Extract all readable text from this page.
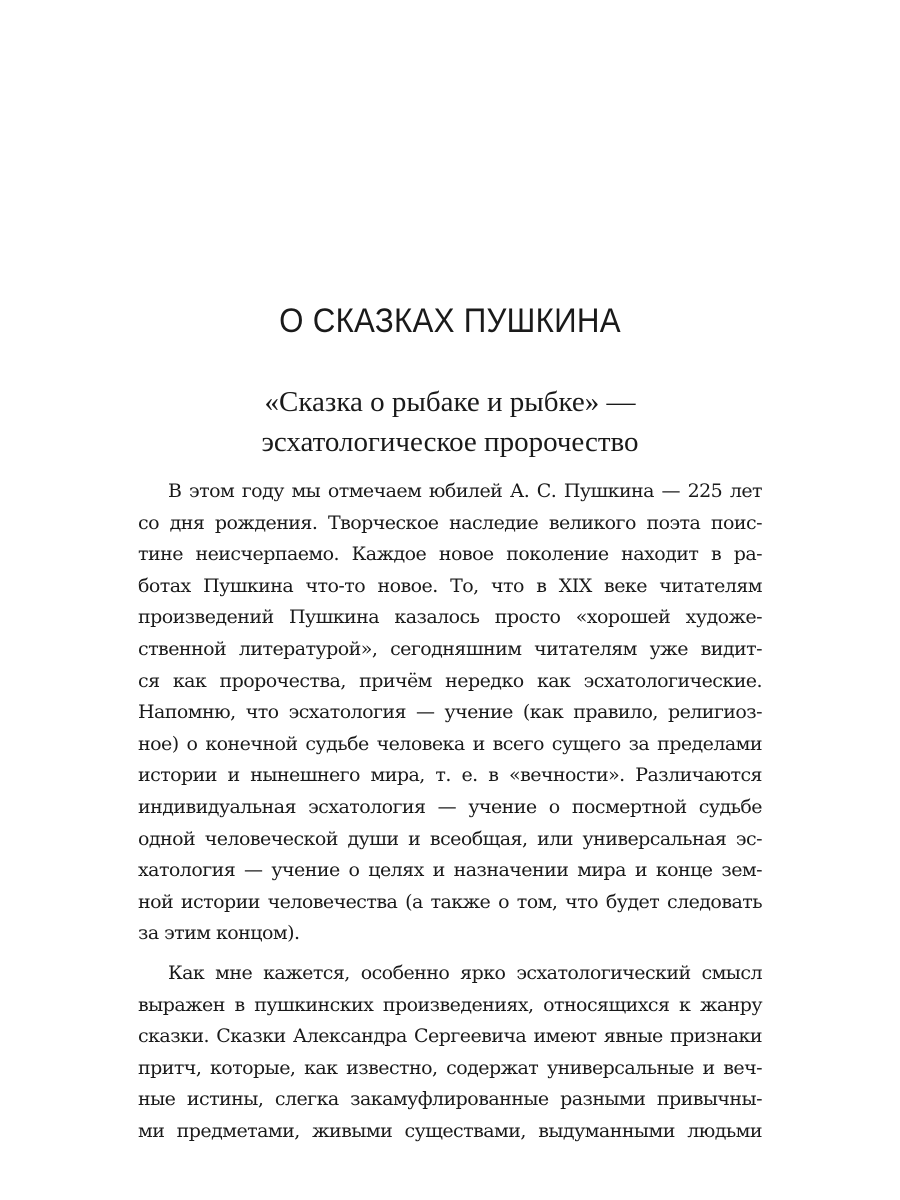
О СКАЗКАХ ПУШКИНА
«Сказка о рыбаке и рыбке» —
эсхатологическое пророчество

В этом году мы отмечаем юбилей А. С. Пушкина — 225 лет
со дня рождения. Творческое наследие великого поэта поис-
тине неисчерпаемо. Каждое новое поколение находит в ра-
ботах Пушкина что-то новое. То, что в XIX веке читателям
произведений Пушкина казалось просто «хорошей художе-
ственной литературой», сегодняшним читателям уже видит-
ся как пророчества, причём нередко как эсхатологические.
Напомню, что эсхатология — учение (как правило, религиоз-
ное) о конечной судьбе человека и всего сущего за пределами
истории и нынешнего мира, т. е. в «вечности». Различаются
индивидуальная эсхатология — учение о посмертной судьбе
одной человеческой души и всеобщая, или универсальная эс-
хатология — учение о целях и назначении мира и конце зем-
ной истории человечества (а также о том, что будет следовать
за этим концом).

Как мне кажется, особенно ярко эсхатологический смысл
выражен в пушкинских произведениях, относящихся к жанру
сказки. Сказки Александра Сергеевича имеют явные признаки
притч, которые, как известно, содержат универсальные и веч-
ные истины, слегка закамуфлированные разными привычны-
ми предметами, живыми существами, выдуманными людьми
